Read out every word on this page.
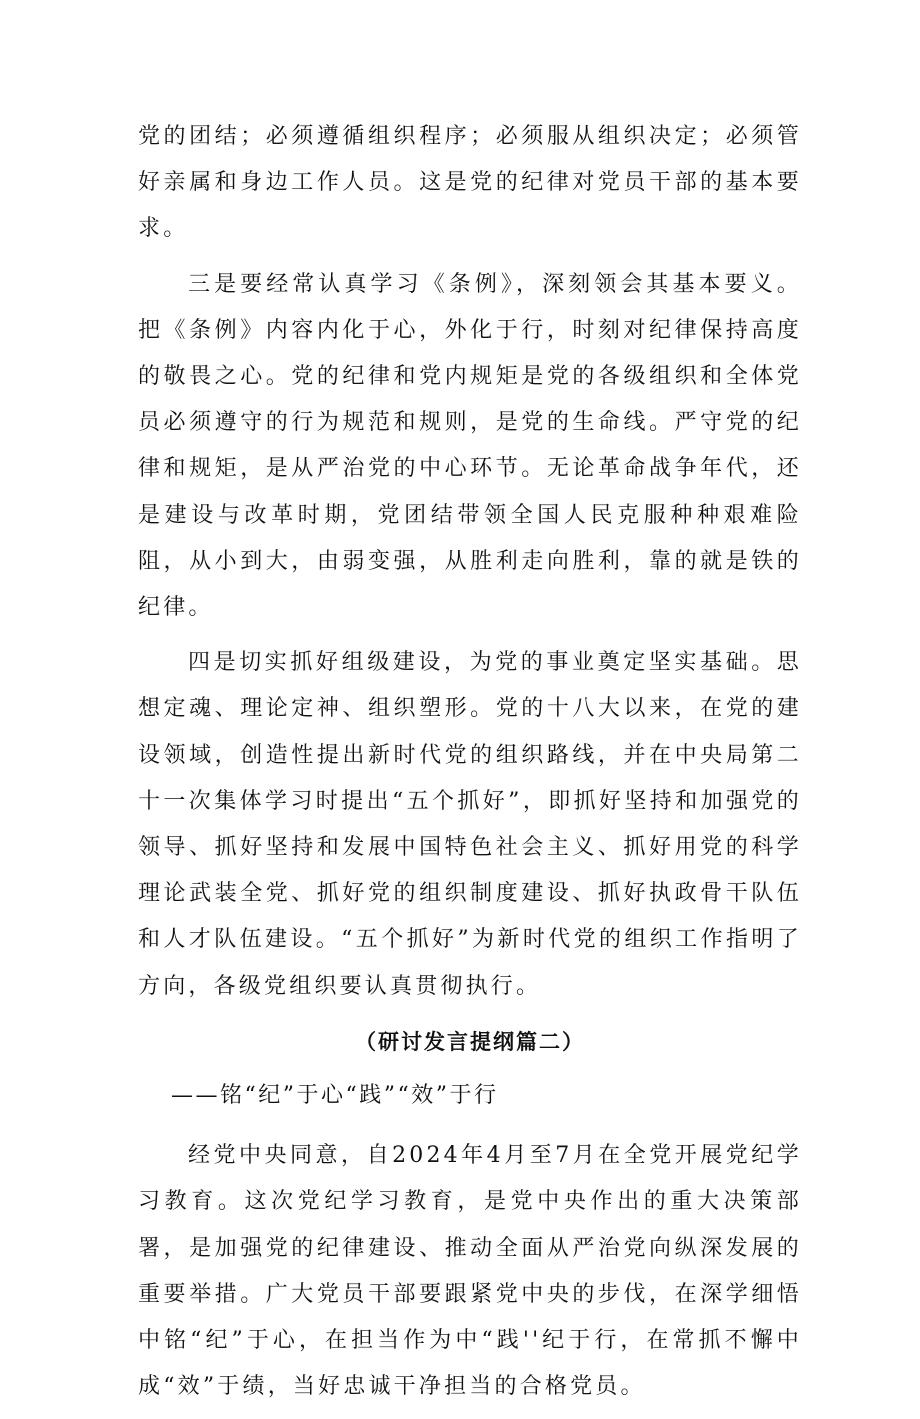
党的团结；必须遵循组织程序；必须服从组织决定；必须管好亲属和身边工作人员。这是党的纪律对党员干部的基本要求。

三是要经常认真学习《条例》，深刻领会其基本要义。把《条例》内容内化于心，外化于行，时刻对纪律保持高度的敬畏之心。党的纪律和党内规矩是党的各级组织和全体党员必须遵守的行为规范和规则，是党的生命线。严守党的纪律和规矩，是从严治党的中心环节。无论革命战争年代，还是建设与改革时期，党团结带领全国人民克服种种艰难险阻，从小到大，由弱变强，从胜利走向胜利，靠的就是铁的纪律。

四是切实抓好组级建设，为党的事业奠定坚实基础。思想定魂、理论定神、组织塑形。党的十八大以来，在党的建设领域，创造性提出新时代党的组织路线，并在中央局第二十一次集体学习时提出“五个抓好”，即抓好坚持和加强党的领导、抓好坚持和发展中国特色社会主义、抓好用党的科学理论武装全党、抓好党的组织制度建设、抓好执政骨干队伍和人才队伍建设。“五个抓好”为新时代党的组织工作指明了方向，各级党组织要认真贯彻执行。

（研讨发言提纲篇二）

——铭“纪”于心“践”“效”于行

经党中央同意，自2024年4月至7月在全党开展党纪学习教育。这次党纪学习教育，是党中央作出的重大决策部署，是加强党的纪律建设、推动全面从严治党向纵深发展的重要举措。广大党员干部要跟紧党中央的步伐，在深学细悟中铭“纪”于心，在担当作为中“践''纪于行，在常抓不懈中成“效”于绩，当好忠诚干净担当的合格党员。
